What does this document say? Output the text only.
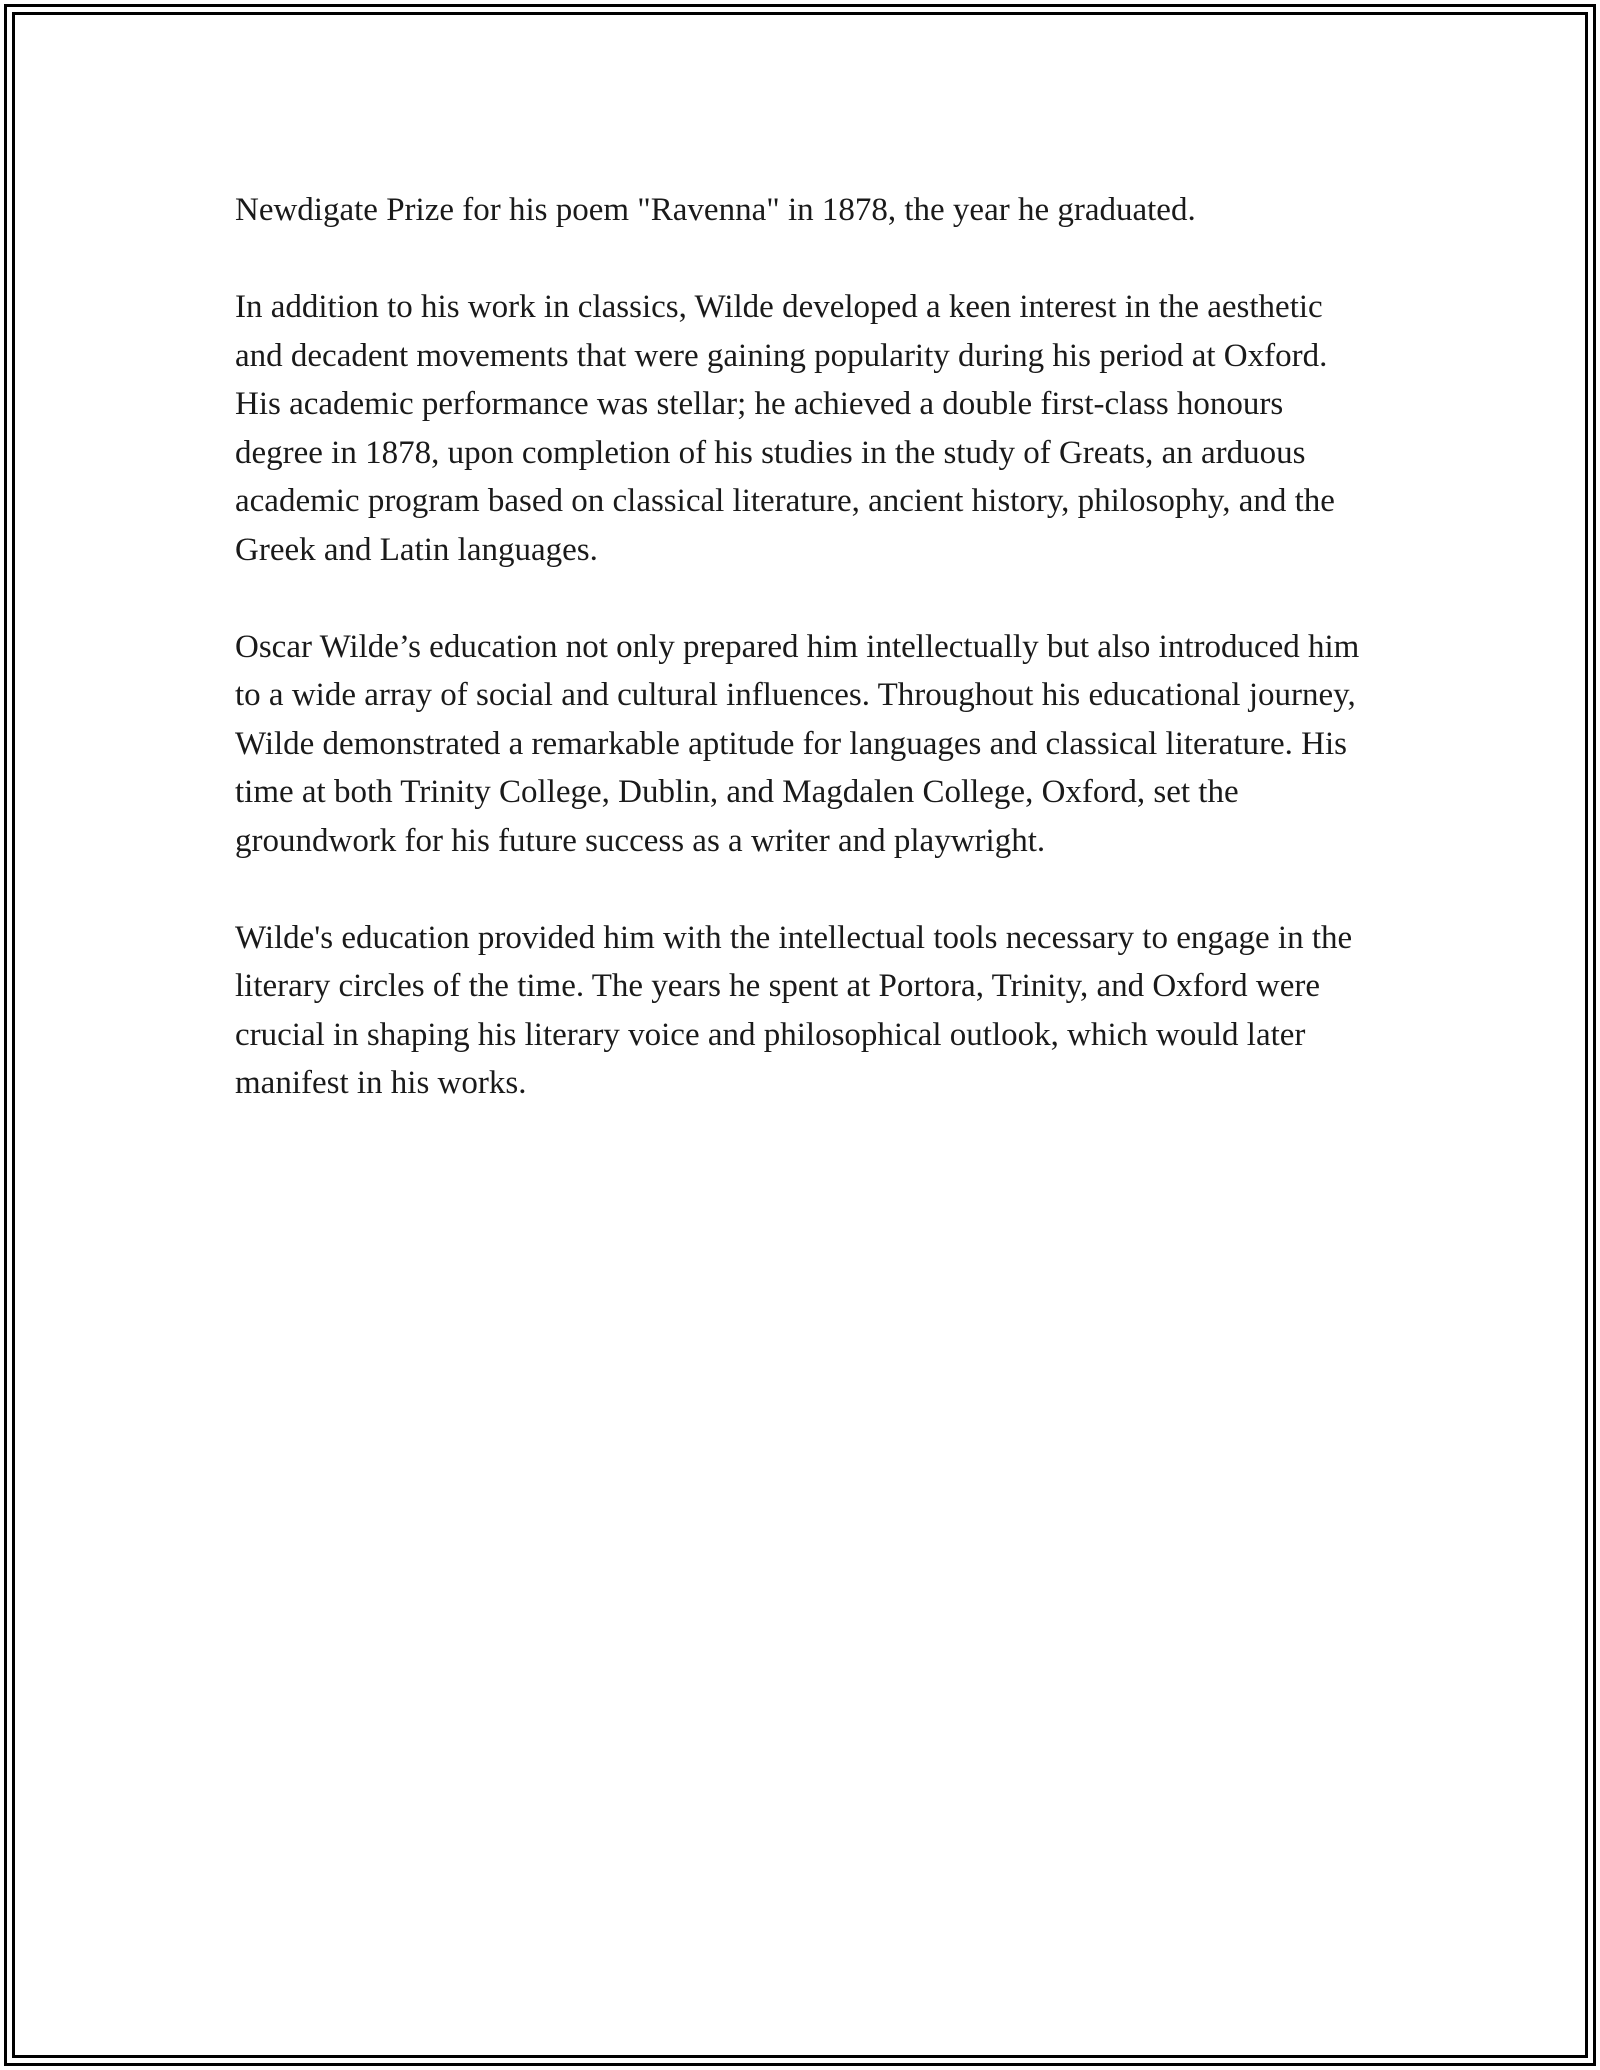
Newdigate Prize for his poem "Ravenna" in 1878, the year he graduated.

In addition to his work in classics, Wilde developed a keen interest in the aesthetic and decadent movements that were gaining popularity during his period at Oxford. His academic performance was stellar; he achieved a double first-class honours degree in 1878, upon completion of his studies in the study of Greats, an arduous academic program based on classical literature, ancient history, philosophy, and the Greek and Latin languages.

Oscar Wilde’s education not only prepared him intellectually but also introduced him to a wide array of social and cultural influences. Throughout his educational journey, Wilde demonstrated a remarkable aptitude for languages and classical literature. His time at both Trinity College, Dublin, and Magdalen College, Oxford, set the groundwork for his future success as a writer and playwright.

Wilde's education provided him with the intellectual tools necessary to engage in the literary circles of the time. The years he spent at Portora, Trinity, and Oxford were crucial in shaping his literary voice and philosophical outlook, which would later manifest in his works.
